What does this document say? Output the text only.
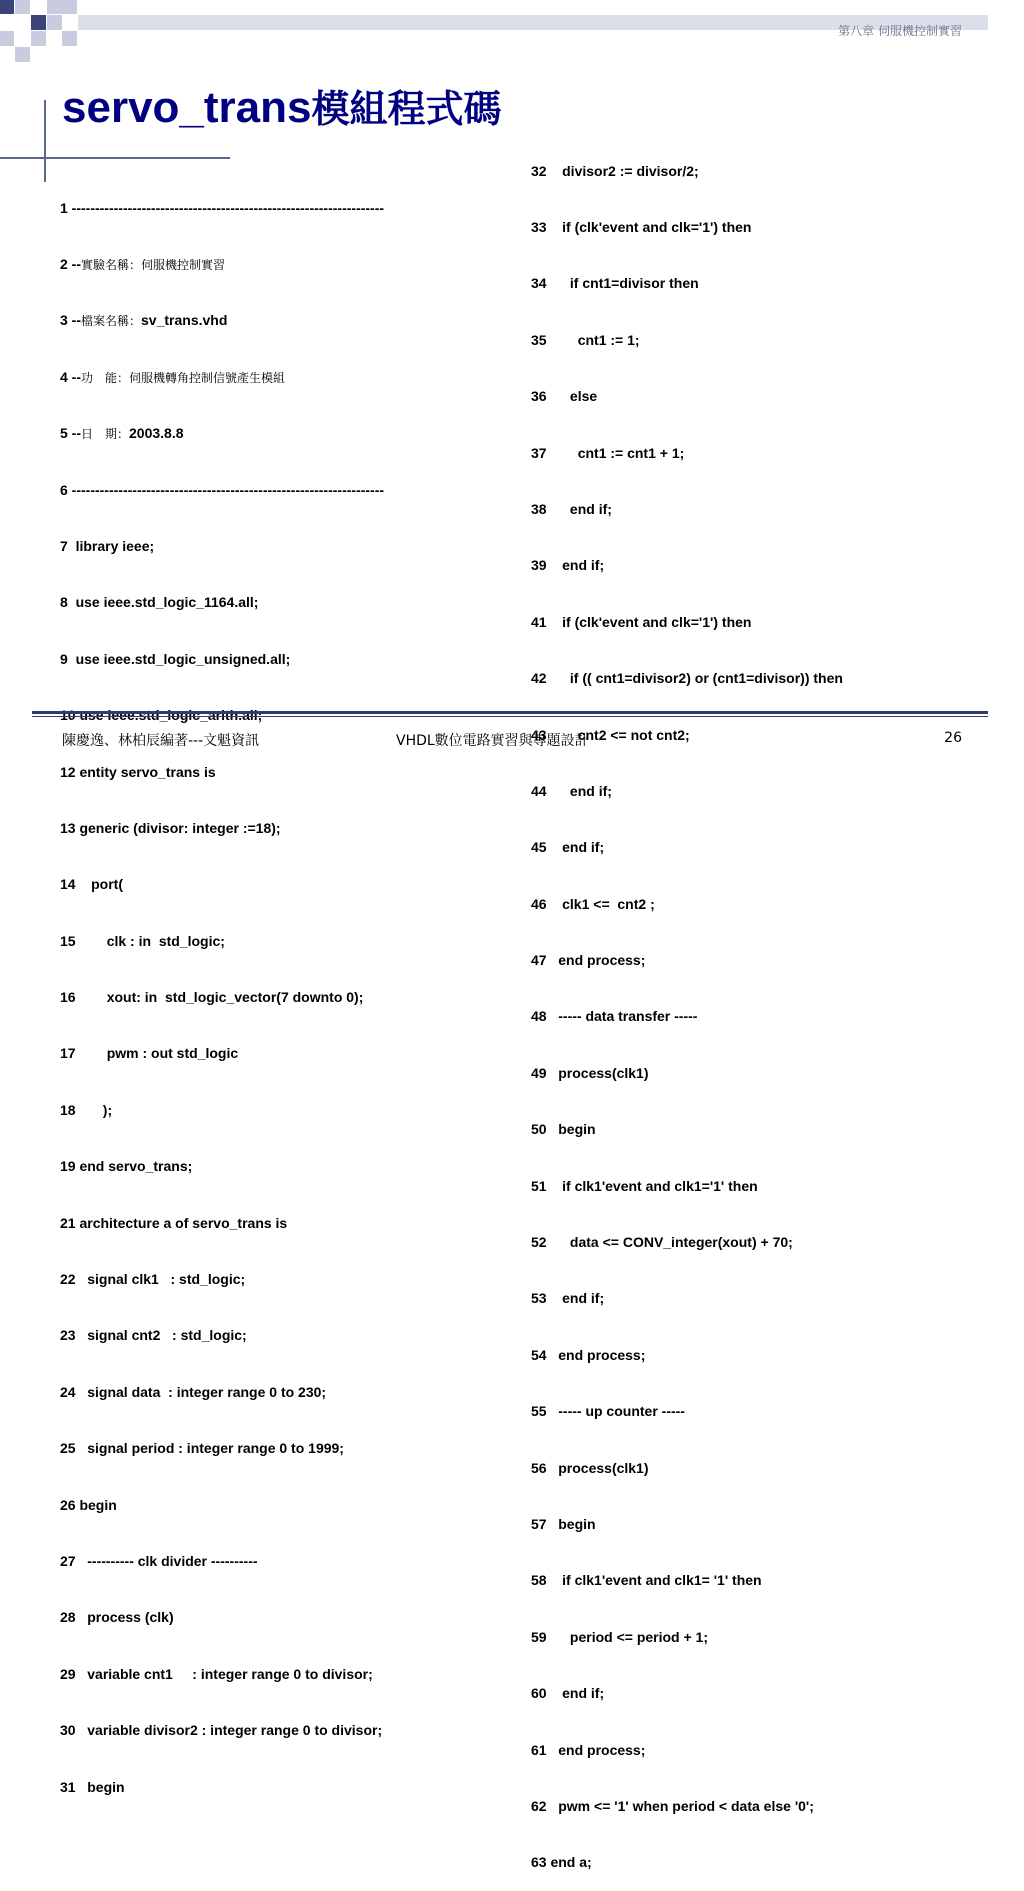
第八章 伺服機控制實習
servo_trans模組程式碼

1 -------------------------------------------------------------------

2 --實驗名稱：伺服機控制實習

3 --檔案名稱：sv_trans.vhd

4 --功　能：伺服機轉角控制信號產生模組

5 --日　期：2003.8.8

6 -------------------------------------------------------------------

7  library ieee;

8  use ieee.std_logic_1164.all;

9  use ieee.std_logic_unsigned.all;

12 entity servo_trans is

13 generic (divisor: integer :=18);

14    port(

15        clk : in  std_logic;

16        xout: in  std_logic_vector(7 downto 0);

17        pwm : out std_logic

18       );

19 end servo_trans;

21 architecture a of servo_trans is

22   signal clk1   : std_logic;

23   signal cnt2   : std_logic;

24   signal data  : integer range 0 to 230;

25   signal period : integer range 0 to 1999;

26 begin

27   ---------- clk divider ----------

28   process (clk)

29   variable cnt1     : integer range 0 to divisor;

30   variable divisor2 : integer range 0 to divisor;

31   begin

32    divisor2 := divisor/2;

33    if (clk'event and clk='1') then

34      if cnt1=divisor then

35        cnt1 := 1;

36      else

37        cnt1 := cnt1 + 1;

38      end if;

39    end if;

41    if (clk'event and clk='1') then

42      if (( cnt1=divisor2) or (cnt1=divisor)) then

43        cnt2 <= not cnt2;

44      end if;

45    end if;

46    clk1 <=  cnt2 ;

47   end process;

48   ----- data transfer -----

49   process(clk1)

50   begin

51    if clk1'event and clk1='1' then

52      data <= CONV_integer(xout) + 70;

53    end if;

54   end process;

55   ----- up counter -----

56   process(clk1)

57   begin

58    if clk1'event and clk1= '1' then

59      period <= period + 1;

60    end if;

61   end process;

62   pwm <= '1' when period < data else '0';

63 end a;

陳慶逸、林柏辰編著---文魁資訊	VHDL數位電路實習與專題設計	26
